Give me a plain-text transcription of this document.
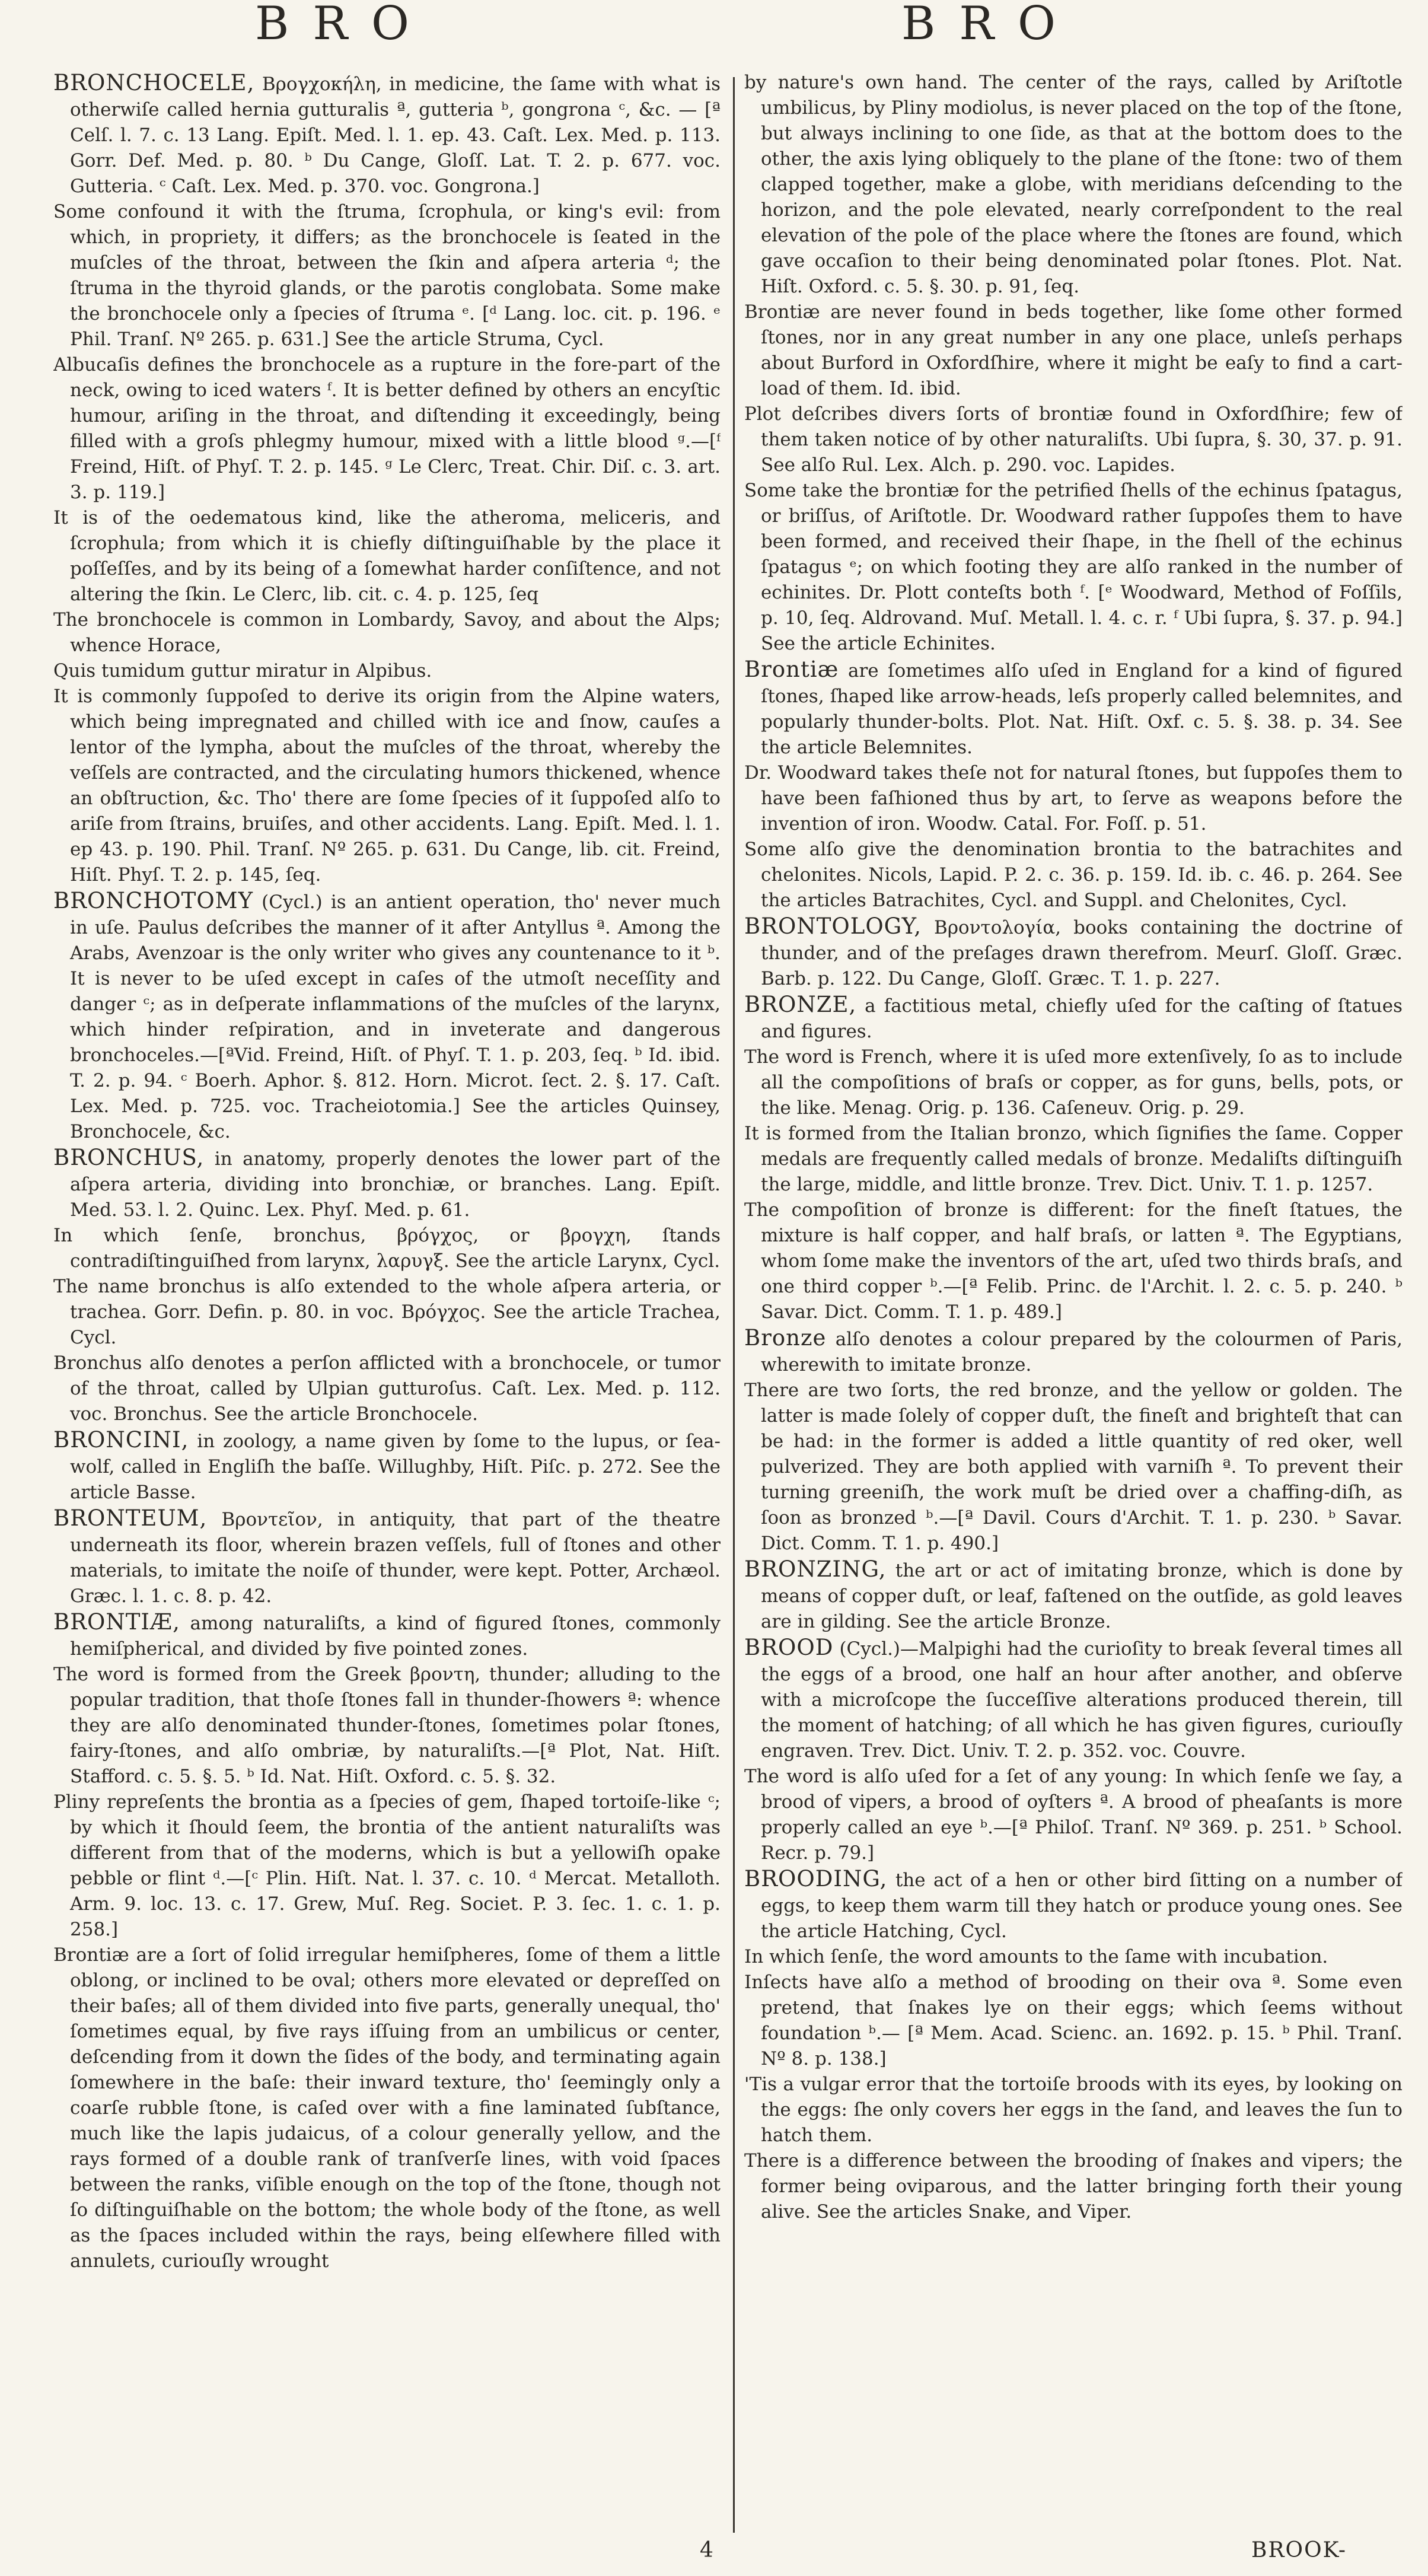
BRO	BRO

BRONCHOCELE, Βρογχοκήλη, in medicine, the ſame with what is otherwiſe called hernia gutturalis ª, gutteria ᵇ, gongrona ᶜ, &c. — [ª Celſ. l. 7. c. 13 Lang. Epiſt. Med. l. 1. ep. 43. Caſt. Lex. Med. p. 113. Gorr. Def. Med. p. 80. ᵇ Du Cange, Gloſſ. Lat. T. 2. p. 677. voc. Gutteria. ᶜ Caſt. Lex. Med. p. 370. voc. Gongrona.]

Some confound it with the ſtruma, ſcrophula, or king's evil: from which, in propriety, it differs; as the bronchocele is ſeated in the muſcles of the throat, between the ſkin and aſpera arteria ᵈ; the ſtruma in the thyroid glands, or the parotis conglobata. Some make the bronchocele only a ſpecies of ſtruma ᵉ. [ᵈ Lang. loc. cit. p. 196. ᵉ Phil. Tranſ. Nº 265. p. 631.] See the article Struma, Cycl.

Albucaſis defines the bronchocele as a rupture in the fore-part of the neck, owing to iced waters ᶠ. It is better defined by others an encyſtic humour, ariſing in the throat, and diſtending it exceedingly, being filled with a groſs phlegmy humour, mixed with a little blood ᵍ.—[ᶠ Freind, Hiſt. of Phyſ. T. 2. p. 145. ᵍ Le Clerc, Treat. Chir. Diſ. c. 3. art. 3. p. 119.]

It is of the oedematous kind, like the atheroma, meliceris, and ſcrophula; from which it is chiefly diſtinguiſhable by the place it poſſeſſes, and by its being of a ſomewhat harder conſiſtence, and not altering the ſkin. Le Clerc, lib. cit. c. 4. p. 125, ſeq

The bronchocele is common in Lombardy, Savoy, and about the Alps; whence Horace,

Quis tumidum guttur miratur in Alpibus.

It is commonly ſuppoſed to derive its origin from the Alpine waters, which being impregnated and chilled with ice and ſnow, cauſes a lentor of the lympha, about the muſcles of the throat, whereby the veſſels are contracted, and the circulating humors thickened, whence an obſtruction, &c. Tho' there are ſome ſpecies of it ſuppoſed alſo to ariſe from ſtrains, bruiſes, and other accidents. Lang. Epiſt. Med. l. 1. ep 43. p. 190. Phil. Tranſ. Nº 265. p. 631. Du Cange, lib. cit. Freind, Hiſt. Phyſ. T. 2. p. 145, ſeq.

BRONCHOTOMY (Cycl.) is an antient operation, tho' never much in uſe. Paulus deſcribes the manner of it after Antyllus ª. Among the Arabs, Avenzoar is the only writer who gives any countenance to it ᵇ. It is never to be uſed except in caſes of the utmoſt neceſſity and danger ᶜ; as in deſperate inflammations of the muſcles of the larynx, which hinder reſpiration, and in inveterate and dangerous bronchoceles.—[ªVid. Freind, Hiſt. of Phyſ. T. 1. p. 203, ſeq. ᵇ Id. ibid. T. 2. p. 94. ᶜ Boerh. Aphor. §. 812. Horn. Microt. ſect. 2. §. 17. Caſt. Lex. Med. p. 725. voc. Tracheiotomia.] See the articles Quinsey, Bronchocele, &c.

BRONCHUS, in anatomy, properly denotes the lower part of the aſpera arteria, dividing into bronchiæ, or branches. Lang. Epiſt. Med. 53. l. 2. Quinc. Lex. Phyſ. Med. p. 61.

In which ſenſe, bronchus, βρόγχος, or βρογχη, ſtands contradiſtinguiſhed from larynx, λαρυγξ. See the article Larynx, Cycl.

The name bronchus is alſo extended to the whole aſpera arteria, or trachea. Gorr. Defin. p. 80. in voc. Βρόγχος. See the article Trachea, Cycl.

Bronchus alſo denotes a perſon afflicted with a bronchocele, or tumor of the throat, called by Ulpian gutturoſus. Caſt. Lex. Med. p. 112. voc. Bronchus. See the article Bronchocele.

BRONCINI, in zoology, a name given by ſome to the lupus, or ſea-wolf, called in Engliſh the baſſe. Willughby, Hiſt. Piſc. p. 272. See the article Basse.

BRONTEUM, Βροντεῖον, in antiquity, that part of the theatre underneath its floor, wherein brazen veſſels, full of ſtones and other materials, to imitate the noiſe of thunder, were kept. Potter, Archæol. Græc. l. 1. c. 8. p. 42.

BRONTIÆ, among naturaliſts, a kind of figured ſtones, commonly hemiſpherical, and divided by five pointed zones.

The word is formed from the Greek βροντη, thunder; alluding to the popular tradition, that thoſe ſtones fall in thunder-ſhowers ª: whence they are alſo denominated thunder-ſtones, ſometimes polar ſtones, fairy-ſtones, and alſo ombriæ, by naturaliſts.—[ª Plot, Nat. Hiſt. Stafford. c. 5. §. 5. ᵇ Id. Nat. Hiſt. Oxford. c. 5. §. 32.

Pliny repreſents the brontia as a ſpecies of gem, ſhaped tortoiſe-like ᶜ; by which it ſhould ſeem, the brontia of the antient naturaliſts was different from that of the moderns, which is but a yellowiſh opake pebble or flint ᵈ.—[ᶜ Plin. Hiſt. Nat. l. 37. c. 10. ᵈ Mercat. Metalloth. Arm. 9. loc. 13. c. 17. Grew, Muſ. Reg. Societ. P. 3. ſec. 1. c. 1. p. 258.]

Brontiæ are a ſort of ſolid irregular hemiſpheres, ſome of them a little oblong, or inclined to be oval; others more elevated or depreſſed on their baſes; all of them divided into five parts, generally unequal, tho' ſometimes equal, by five rays iſſuing from an umbilicus or center, deſcending from it down the ſides of the body, and terminating again ſomewhere in the baſe: their inward texture, tho' ſeemingly only a coarſe rubble ſtone, is caſed over with a fine laminated ſubſtance, much like the lapis judaicus, of a colour generally yellow, and the rays formed of a double rank of tranſverſe lines, with void ſpaces between the ranks, viſible enough on the top of the ſtone, though not ſo diſtinguiſhable on the bottom; the whole body of the ſtone, as well as the ſpaces included within the rays, being elſewhere filled with annulets, curiouſly wrought

by nature's own hand. The center of the rays, called by Ariſtotle umbilicus, by Pliny modiolus, is never placed on the top of the ſtone, but always inclining to one ſide, as that at the bottom does to the other, the axis lying obliquely to the plane of the ſtone: two of them clapped together, make a globe, with meridians deſcending to the horizon, and the pole elevated, nearly correſpondent to the real elevation of the pole of the place where the ſtones are found, which gave occaſion to their being denominated polar ſtones. Plot. Nat. Hiſt. Oxford. c. 5. §. 30. p. 91, ſeq.

Brontiæ are never found in beds together, like ſome other formed ſtones, nor in any great number in any one place, unleſs perhaps about Burford in Oxfordſhire, where it might be eaſy to find a cart-load of them. Id. ibid.

Plot deſcribes divers ſorts of brontiæ found in Oxfordſhire; few of them taken notice of by other naturaliſts. Ubi ſupra, §. 30, 37. p. 91. See alſo Rul. Lex. Alch. p. 290. voc. Lapides.

Some take the brontiæ for the petrified ſhells of the echinus ſpatagus, or briſſus, of Ariſtotle. Dr. Woodward rather ſuppoſes them to have been formed, and received their ſhape, in the ſhell of the echinus ſpatagus ᵉ; on which footing they are alſo ranked in the number of echinites. Dr. Plott conteſts both ᶠ. [ᵉ Woodward, Method of Foſſils, p. 10, ſeq. Aldrovand. Muſ. Metall. l. 4. c. r. ᶠ Ubi ſupra, §. 37. p. 94.] See the article Echinites.

Brontiæ are ſometimes alſo uſed in England for a kind of figured ſtones, ſhaped like arrow-heads, leſs properly called belemnites, and popularly thunder-bolts. Plot. Nat. Hiſt. Oxf. c. 5. §. 38. p. 34. See the article Belemnites.

Dr. Woodward takes theſe not for natural ſtones, but ſuppoſes them to have been faſhioned thus by art, to ſerve as weapons before the invention of iron. Woodw. Catal. For. Foſſ. p. 51.

Some alſo give the denomination brontia to the batrachites and chelonites. Nicols, Lapid. P. 2. c. 36. p. 159. Id. ib. c. 46. p. 264. See the articles Batrachites, Cycl. and Suppl. and Chelonites, Cycl.

BRONTOLOGY, Βροντολογία, books containing the doctrine of thunder, and of the preſages drawn therefrom. Meurſ. Gloſſ. Græc. Barb. p. 122. Du Cange, Gloſſ. Græc. T. 1. p. 227.

BRONZE, a factitious metal, chiefly uſed for the caſting of ſtatues and figures.

The word is French, where it is uſed more extenſively, ſo as to include all the compoſitions of braſs or copper, as for guns, bells, pots, or the like. Menag. Orig. p. 136. Caſeneuv. Orig. p. 29.

It is formed from the Italian bronzo, which ſignifies the ſame. Copper medals are frequently called medals of bronze. Medaliſts diſtinguiſh the large, middle, and little bronze. Trev. Dict. Univ. T. 1. p. 1257.

The compoſition of bronze is different: for the fineſt ſtatues, the mixture is half copper, and half braſs, or latten ª. The Egyptians, whom ſome make the inventors of the art, uſed two thirds braſs, and one third copper ᵇ.—[ª Felib. Princ. de l'Archit. l. 2. c. 5. p. 240. ᵇ Savar. Dict. Comm. T. 1. p. 489.]

Bronze alſo denotes a colour prepared by the colourmen of Paris, wherewith to imitate bronze.

There are two ſorts, the red bronze, and the yellow or golden. The latter is made ſolely of copper duſt, the fineſt and brighteſt that can be had: in the former is added a little quantity of red oker, well pulverized. They are both applied with varniſh ª. To prevent their turning greeniſh, the work muſt be dried over a chaffing-diſh, as ſoon as bronzed ᵇ.—[ª Davil. Cours d'Archit. T. 1. p. 230. ᵇ Savar. Dict. Comm. T. 1. p. 490.]

BRONZING, the art or act of imitating bronze, which is done by means of copper duſt, or leaf, faſtened on the outſide, as gold leaves are in gilding. See the article Bronze.

BROOD (Cycl.)—Malpighi had the curioſity to break ſeveral times all the eggs of a brood, one half an hour after another, and obſerve with a microſcope the ſucceſſive alterations produced therein, till the moment of hatching; of all which he has given figures, curiouſly engraven. Trev. Dict. Univ. T. 2. p. 352. voc. Couvre.

The word is alſo uſed for a ſet of any young: In which ſenſe we ſay, a brood of vipers, a brood of oyſters ª. A brood of pheaſants is more properly called an eye ᵇ.—[ª Philoſ. Tranſ. Nº 369. p. 251. ᵇ School. Recr. p. 79.]

BROODING, the act of a hen or other bird ſitting on a number of eggs, to keep them warm till they hatch or produce young ones. See the article Hatching, Cycl.

In which ſenſe, the word amounts to the ſame with incubation.

Inſects have alſo a method of brooding on their ova ª. Some even pretend, that ſnakes lye on their eggs; which ſeems without foundation ᵇ.— [ª Mem. Acad. Scienc. an. 1692. p. 15. ᵇ Phil. Tranſ. Nº 8. p. 138.]

'Tis a vulgar error that the tortoiſe broods with its eyes, by looking on the eggs: ſhe only covers her eggs in the ſand, and leaves the ſun to hatch them.

There is a difference between the brooding of ſnakes and vipers; the former being oviparous, and the latter bringing forth their young alive. See the articles Snake, and Viper.

4	BROOK-
